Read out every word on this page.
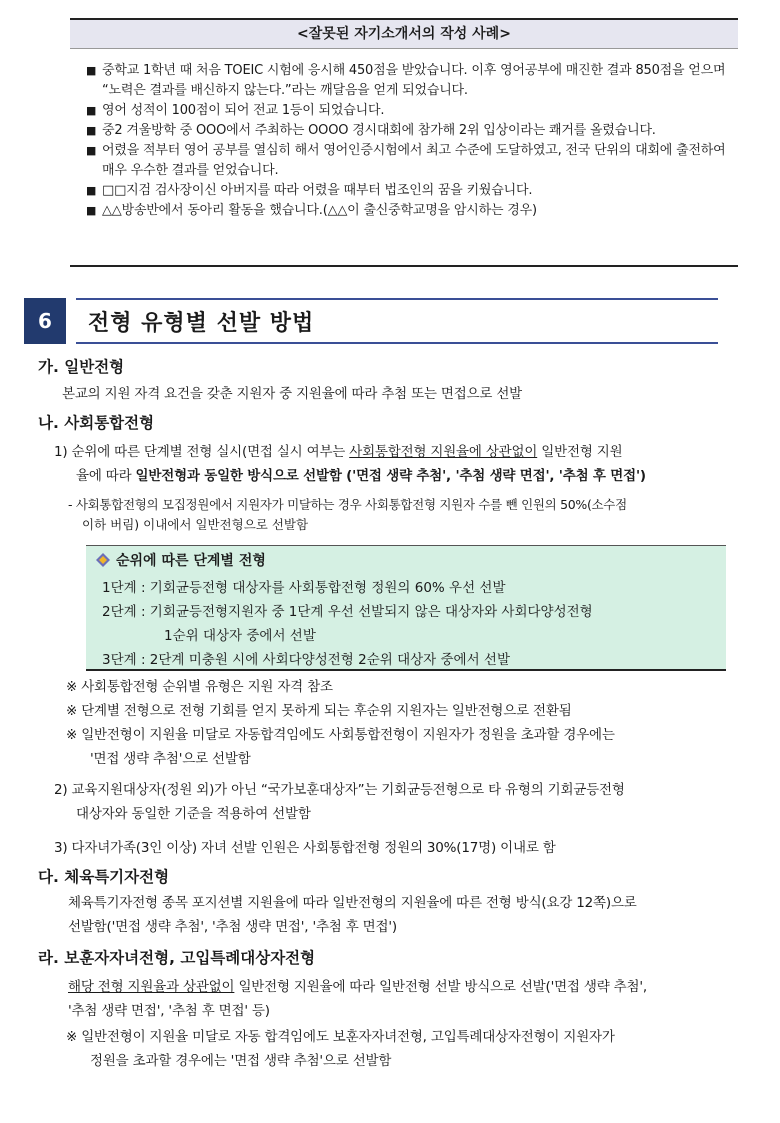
<잘못된 자기소개서의 작성 사례>
■ 중학교 1학년 때 처음 TOEIC 시험에 응시해 450점을 받았습니다. 이후 영어공부에 매진한 결과 850점을 얻으며 “노력은 결과를 배신하지 않는다.”라는 깨달음을 얻게 되었습니다.
■ 영어 성적이 100점이 되어 전교 1등이 되었습니다.
■ 중2 겨울방학 중 OOO에서 주최하는 OOOO 경시대회에 참가해 2위 입상이라는 쾌거를 올렸습니다.
■ 어렸을 적부터 영어 공부를 열심히 해서 영어인증시험에서 최고 수준에 도달하였고, 전국 단위의 대회에 출전하여 매우 우수한 결과를 얻었습니다.
■ □□지검 검사장이신 아버지를 따라 어렸을 때부터 법조인의 꿈을 키웠습니다.
■ △△방송반에서 동아리 활동을 했습니다.(△△이 출신중학교명을 암시하는 경우)
6	전형 유형별 선발 방법
가. 일반전형
본교의 지원 자격 요건을 갖춘 지원자 중 지원율에 따라 추첨 또는 면접으로 선발
나. 사회통합전형
1) 순위에 따른 단계별 전형 실시(면접 실시 여부는 사회통합전형 지원율에 상관없이 일반전형 지원
율에 따라 일반전형과 동일한 방식으로 선발함 ('면접 생략 추첨', '추첨 생략 면접', '추첨 후 면접')
- 사회통합전형의 모집정원에서 지원자가 미달하는 경우 사회통합전형 지원자 수를 뺀 인원의 50%(소수점
이하 버림) 이내에서 일반전형으로 선발함
순위에 따른 단계별 전형
1단계 : 기회균등전형 대상자를 사회통합전형 정원의 60% 우선 선발
2단계 : 기회균등전형지원자 중 1단계 우선 선발되지 않은 대상자와 사회다양성전형
1순위 대상자 중에서 선발
3단계 : 2단계 미충원 시에 사회다양성전형 2순위 대상자 중에서 선발
※ 사회통합전형 순위별 유형은 지원 자격 참조
※ 단계별 전형으로 전형 기회를 얻지 못하게 되는 후순위 지원자는 일반전형으로 전환됨
※ 일반전형이 지원율 미달로 자동합격임에도 사회통합전형이 지원자가 정원을 초과할 경우에는
'면접 생략 추첨'으로 선발함
2) 교육지원대상자(정원 외)가 아닌 “국가보훈대상자”는 기회균등전형으로 타 유형의 기회균등전형
대상자와 동일한 기준을 적용하여 선발함
3) 다자녀가족(3인 이상) 자녀 선발 인원은 사회통합전형 정원의 30%(17명) 이내로 함
다. 체육특기자전형
체육특기자전형 종목 포지션별 지원율에 따라 일반전형의 지원율에 따른 전형 방식(요강 12쪽)으로
선발함('면접 생략 추첨', '추첨 생략 면접', '추첨 후 면접')
라. 보훈자자녀전형, 고입특례대상자전형
해당 전형 지원율과 상관없이 일반전형 지원율에 따라 일반전형 선발 방식으로 선발('면접 생략 추첨',
'추첨 생략 면접', '추첨 후 면접' 등)
※ 일반전형이 지원율 미달로 자동 합격임에도 보훈자자녀전형, 고입특례대상자전형이 지원자가
정원을 초과할 경우에는 '면접 생략 추첨'으로 선발함
